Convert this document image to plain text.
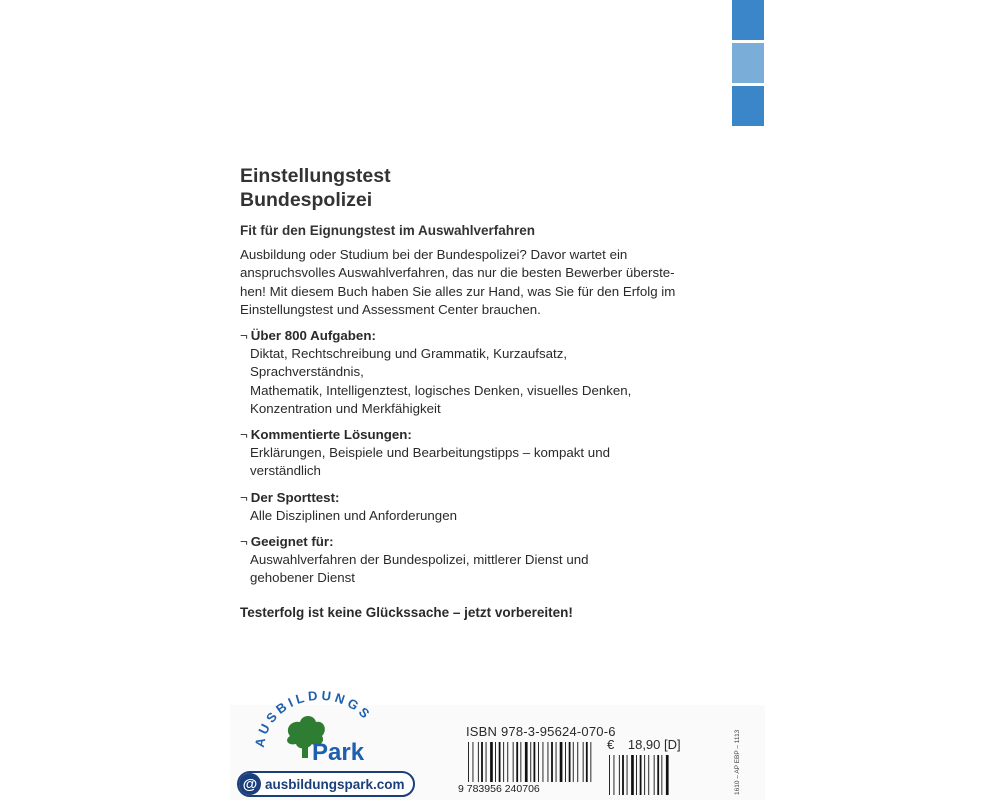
Einstellungstest
Bundespolizei
Fit für den Eignungstest im Auswahlverfahren
Ausbildung oder Studium bei der Bundespolizei? Davor wartet ein
anspruchsvolles Auswahlverfahren, das nur die besten Bewerber überste-
hen! Mit diesem Buch haben Sie alles zur Hand, was Sie für den Erfolg im
Einstellungstest und Assessment Center brauchen.
¬ Über 800 Aufgaben:
Diktat, Rechtschreibung und Grammatik, Kurzaufsatz, Sprachverständnis,
Mathematik, Intelligenztest, logisches Denken, visuelles Denken,
Konzentration und Merkfähigkeit
¬ Kommentierte Lösungen:
Erklärungen, Beispiele und Bearbeitungstipps – kompakt und verständlich
¬ Der Sporttest:
Alle Disziplinen und Anforderungen
¬ Geeignet für:
Auswahlverfahren der Bundespolizei, mittlerer Dienst und
gehobener Dienst
Testerfolg ist keine Glückssache – jetzt vorbereiten!
AUSBILDUNGS
Park
@ ausbildungspark.com
ISBN 978-3-95624-070-6
9 783956 240706
€ 18,90 [D]	1610 – AP EBP – 1113
